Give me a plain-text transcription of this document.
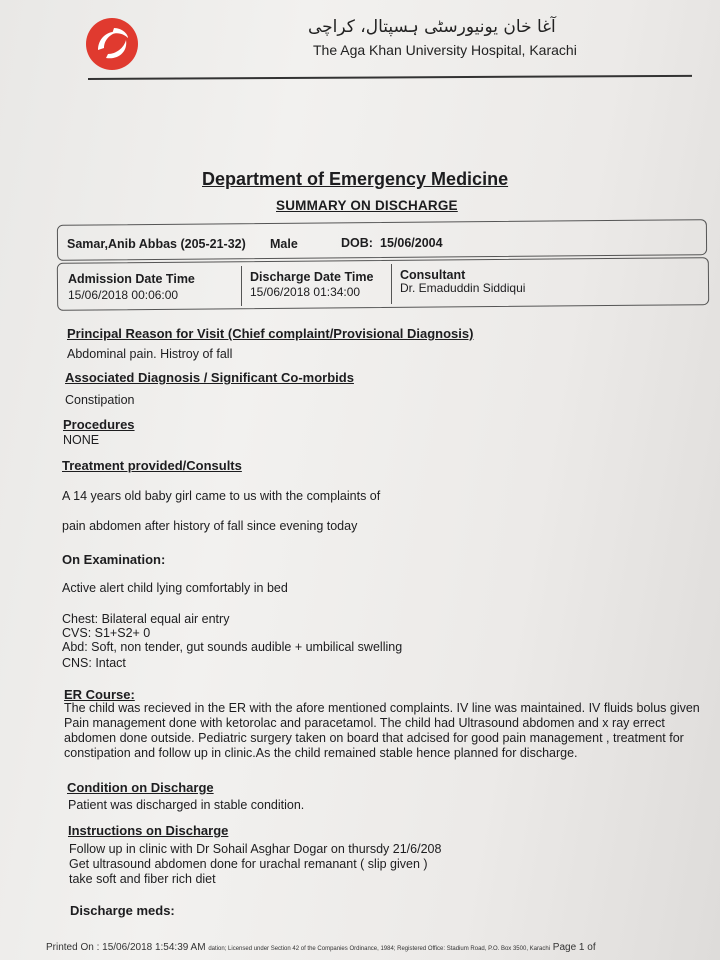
آغا خان یونیورسٹی ہسپتال، کراچی
The Aga Khan University Hospital, Karachi
Department of Emergency Medicine
SUMMARY ON DISCHARGE
Samar,Anib Abbas (205-21-32) Male	DOB: 15/06/2004
Admission Date Time
15/06/2018 00:06:00
Discharge Date Time
15/06/2018 01:34:00
Consultant
Dr. Emaduddin Siddiqui
Principal Reason for Visit (Chief complaint/Provisional Diagnosis)
Abdominal pain. Histroy of fall
Associated Diagnosis / Significant Co-morbids
Constipation
Procedures
NONE
Treatment provided/Consults
A 14 years old baby girl came to us with the complaints of
pain abdomen after history of fall since evening today
On Examination:
Active alert child lying comfortably in bed
Chest: Bilateral equal air entry
CVS: S1+S2+ 0
Abd: Soft, non tender, gut sounds audible + umbilical swelling
CNS: Intact
ER Course:
The child was recieved in the ER with the afore mentioned complaints. IV line was maintained. IV fluids bolus given
Pain management done with ketorolac and paracetamol. The child had Ultrasound abdomen and x ray errect
abdomen done outside. Pediatric surgery taken on board that adcised for good pain management , treatment for
constipation and follow up in clinic.As the child remained stable hence planned for discharge.
Condition on Discharge
Patient was discharged in stable condition.
Instructions on Discharge
Follow up in clinic with Dr Sohail Asghar Dogar on thursdy 21/6/208
Get ultrasound abdomen done for urachal remanant ( slip given )
take soft and fiber rich diet
Discharge meds:
Printed On : 15/06/2018 1:54:39 AM dation; Licensed under Section 42 of the Companies Ordinance, 1984; Registered Office: Stadium Road, P.O. Box 3500, Karachi Page 1 of
